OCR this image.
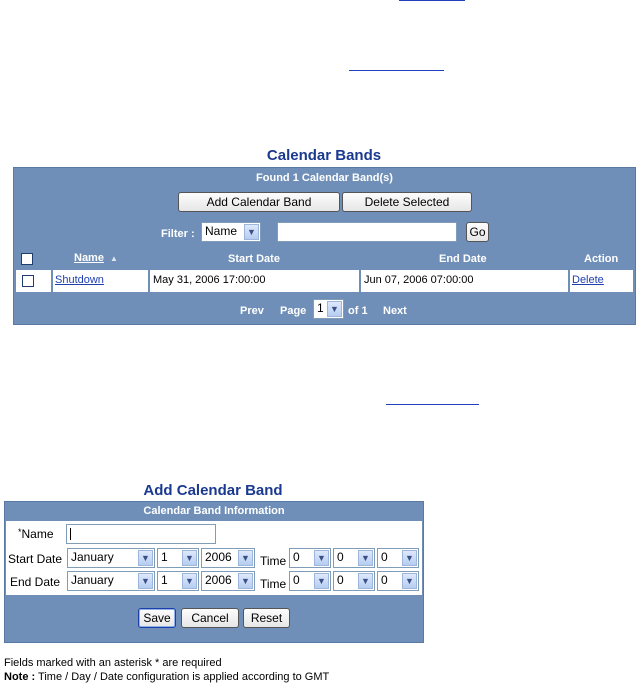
Calendar Bands
Found 1 Calendar Band(s)
Add Calendar Band	Delete Selected
Filter : Name	▼	Go
Name ▲	Start Date	End Date	Action
Shutdown	May 31, 2006 17:00:00	Jun 07, 2006 07:00:00	Delete
Prev Page 1 ▼ of 1 Next
Add Calendar Band
Calendar Band Information
*Name
Start Date January	▼ 1	▼ 2006	▼ Time 0	▼ 0	▼ 0	▼
End Date January	▼ 1	▼ 2006	▼ Time 0	▼ 0	▼ 0	▼
Save	Cancel	Reset
Fields marked with an asterisk * are required
Note : Time / Day / Date configuration is applied according to GMT
